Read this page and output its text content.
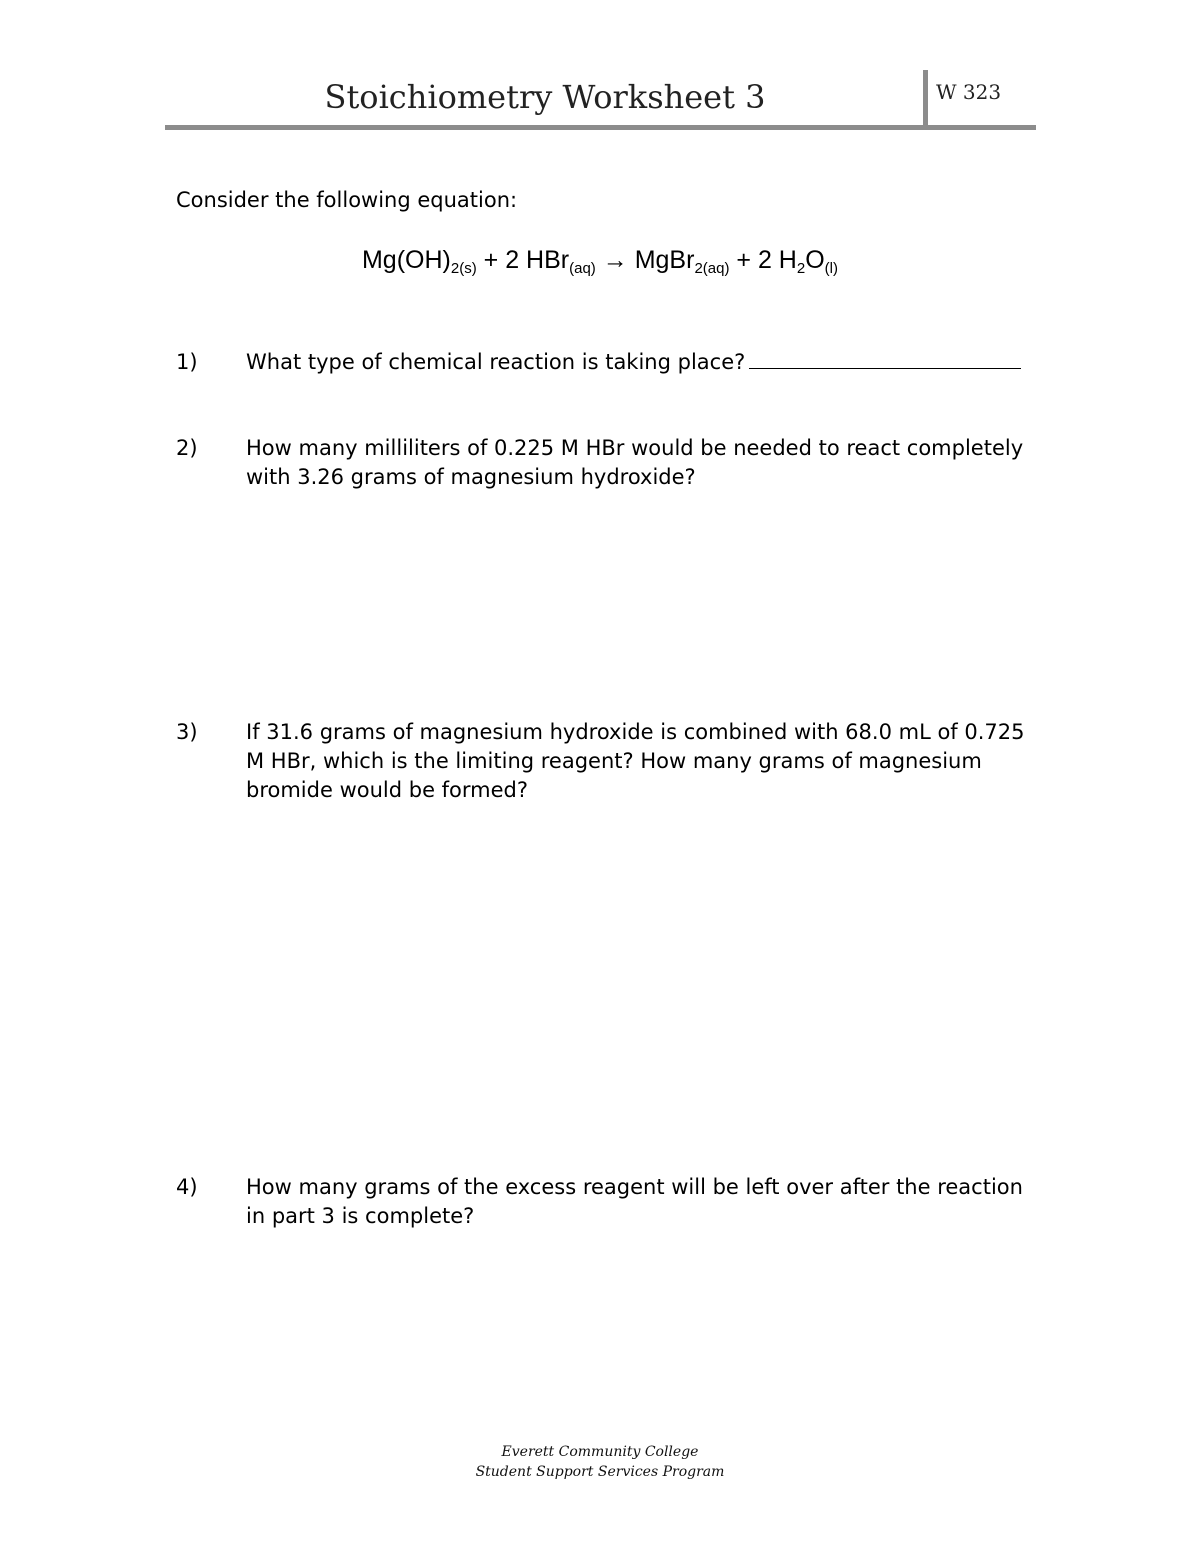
Stoichiometry Worksheet 3	W 323
Consider the following equation:
$Mg(OH)_{2(s)} + 2$ HBr$_{(aq)}$ → MgBr$_{2(aq)}$ + 2 $H_2O_{(l)}$
1) What type of chemical reaction is taking place?
2) How many milliliters of 0.225 M HBr would be needed to react completely with 3.26 grams of magnesium hydroxide?
3) If 31.6 grams of magnesium hydroxide is combined with 68.0 mL of 0.725 M HBr, which is the limiting reagent? How many grams of magnesium bromide would be formed?
4) How many grams of the excess reagent will be left over after the reaction in part 3 is complete?
Everett Community College
Student Support Services Program
